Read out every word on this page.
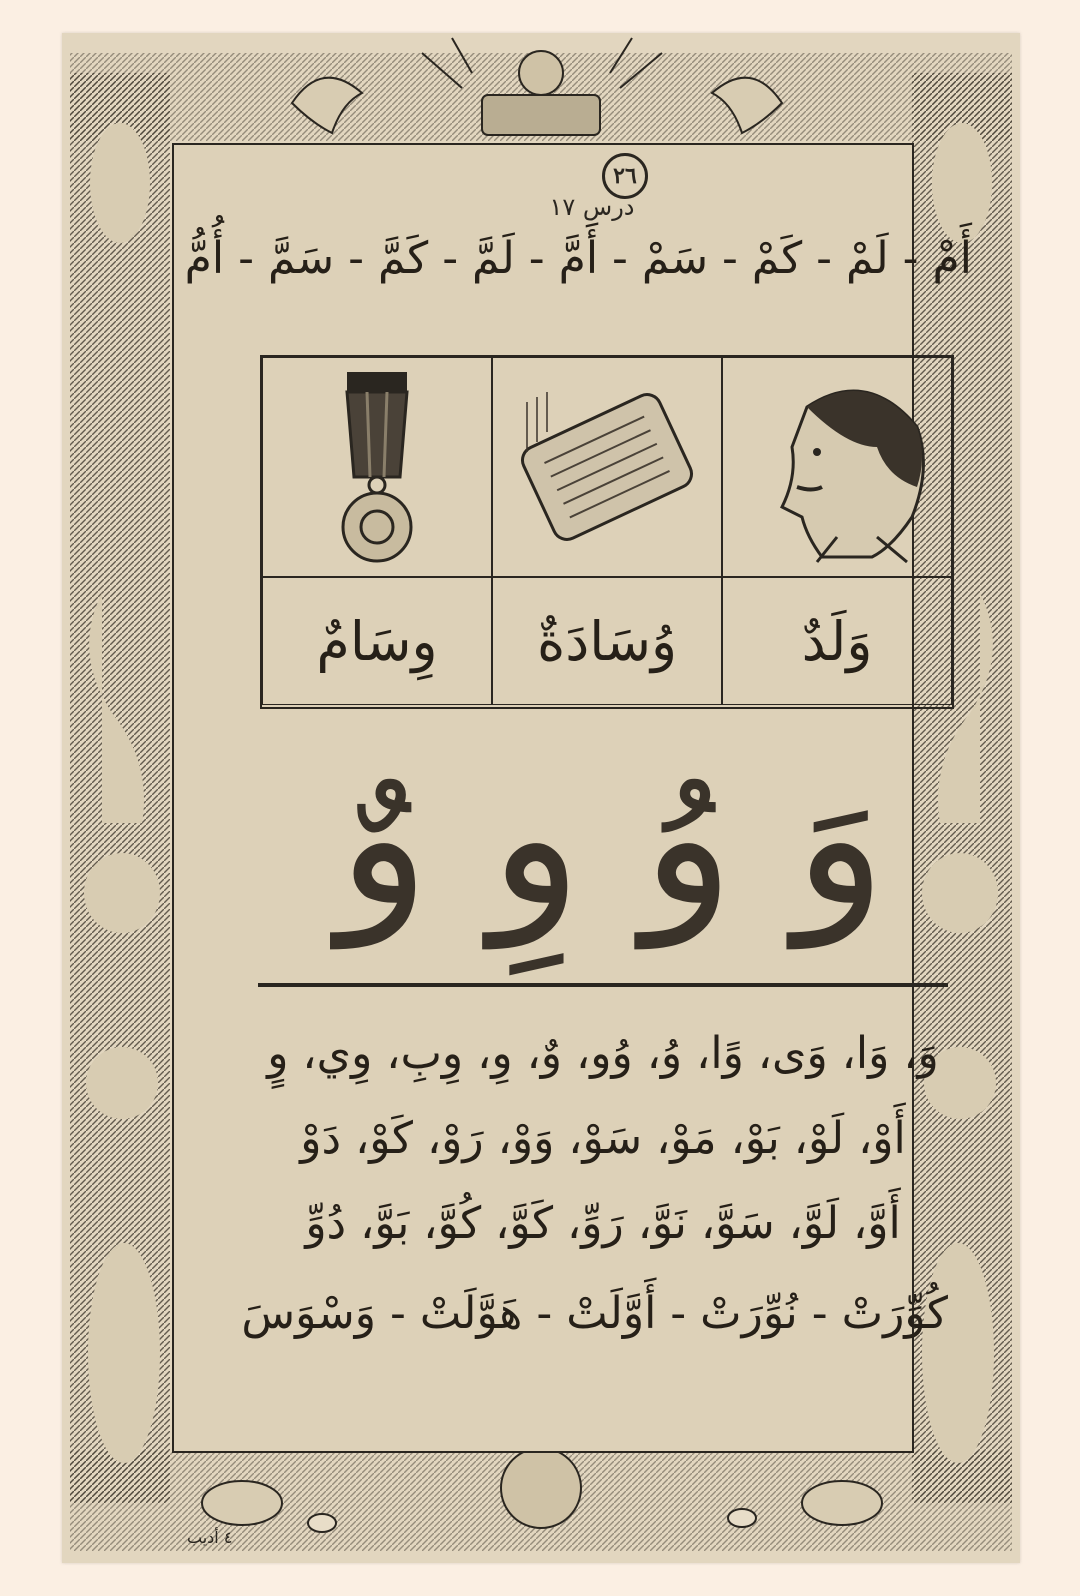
٢٦
درس ١٧
أَمْ - لَمْ - كَمْ - سَمْ - أَمَّ - لَمَّ - كَمَّ - سَمَّ - أُمُّ
وِسَامٌ وُسَادَةٌ وَلَدٌ
وَ وُ وِ وٌ
وَ، وَا، وَى، وًا، وُ، وُو، وٌ، وِ، وِبِ، وِي، وٍ
أَوْ، لَوْ، بَوْ، مَوْ، سَوْ، وَوْ، رَوْ، كَوْ، دَوْ
أَوَّ، لَوَّ، سَوَّ، نَوَّ، رَوِّ، كَوَّ، كُوَّ، بَوَّ، دُوِّ
كُوِّرَتْ - نُوِّرَتْ - أَوَّلَتْ - هَوَّلَتْ - وَسْوَسَ
٤ أديب
